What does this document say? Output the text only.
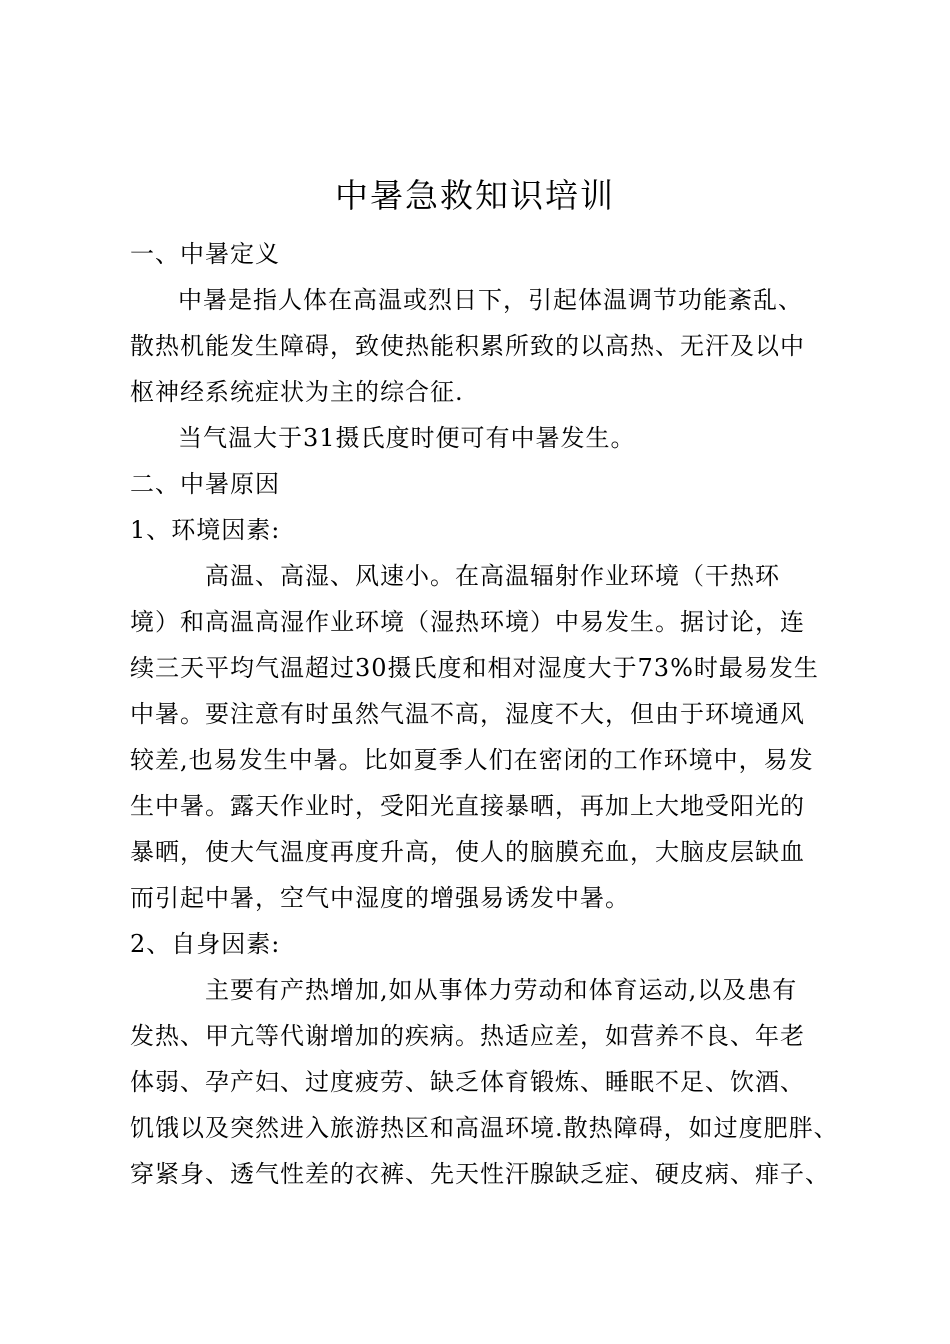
中暑急救知识培训
一、中暑定义
中暑是指人体在高温或烈日下，引起体温调节功能紊乱、
散热机能发生障碍，致使热能积累所致的以高热、无汗及以中
枢神经系统症状为主的综合征.
当气温大于31摄氏度时便可有中暑发生。
二、中暑原因
1、环境因素:
高温、高湿、风速小。在高温辐射作业环境（干热环
境）和高温高湿作业环境（湿热环境）中易发生。据讨论，连
续三天平均气温超过30摄氏度和相对湿度大于73%时最易发生
中暑。要注意有时虽然气温不高，湿度不大，但由于环境通风
较差,也易发生中暑。比如夏季人们在密闭的工作环境中，易发
生中暑。露天作业时，受阳光直接暴晒，再加上大地受阳光的
暴晒，使大气温度再度升高，使人的脑膜充血，大脑皮层缺血
而引起中暑，空气中湿度的增强易诱发中暑。
2、自身因素:
主要有产热增加,如从事体力劳动和体育运动,以及患有
发热、甲亢等代谢增加的疾病。热适应差，如营养不良、年老
体弱、孕产妇、过度疲劳、缺乏体育锻炼、睡眠不足、饮酒、
饥饿以及突然进入旅游热区和高温环境.散热障碍，如过度肥胖、
穿紧身、透气性差的衣裤、先天性汗腺缺乏症、硬皮病、痱子、
